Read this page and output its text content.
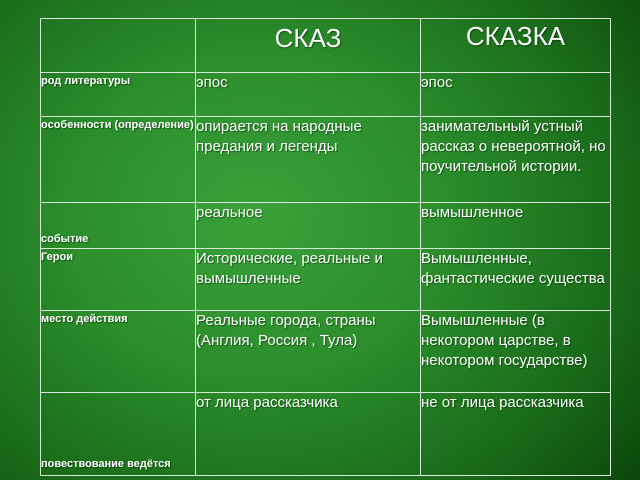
	СКАЗ	СКАЗКА
род литературы	эпос	эпос
особенности (определение)	опирается на народные предания и легенды	занимательный устный рассказ о невероятной, но поучительной истории.
событие	реальное	вымышленное
Герои	Исторические, реальные и вымышленные	Вымышленные, фантастические существа
место действия	Реальные города, страны (Англия, Россия , Тула)	Вымышленные (в некотором царстве, в некотором государстве)
повествование ведётся	от лица рассказчика	не от лица рассказчика
